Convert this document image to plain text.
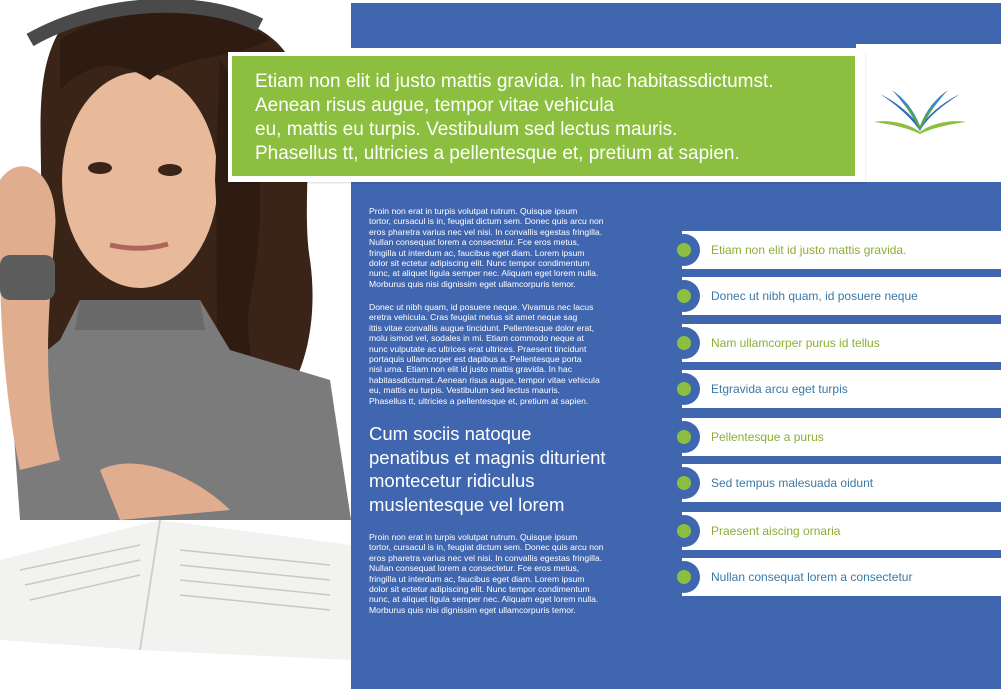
Etiam non elit id justo mattis gravida. In hac habitassdictumst.
Aenean risus augue, tempor vitae vehicula
eu, mattis eu turpis. Vestibulum sed lectus mauris.
Phasellus tt, ultricies a pellentesque et, pretium at sapien.
Proin non erat in turpis volutpat rutrum. Quisque ipsum
tortor, cursacul is in, feugiat dictum sem. Donec quis arcu non
eros pharetra varius nec vel nisi. In convallis egestas fringilla.
Nullan consequat lorem a consectetur. Fce eros metus,
fringilla ut interdum ac, faucibus eget diam. Lorem ipsum
dolor sit ectetur adipiscing elit. Nunc tempor condimentum
nunc, at aliquet ligula semper nec. Aliquam eget lorem nulla.
Morburus quis nisi dignissim eget ullamcorpuris temor.
Donec ut nibh quam, id posuere neque. Vivamus nec lacus
eretra vehicula. Cras feugiat metus sit amet neque sag
ittis vitae convallis augue tincidunt. Pellentesque dolor erat,
molu ismod vel, sodales in mi. Etiam commodo neque at
nunc vulputate ac ultrices erat ultrices. Praesent tincidunt
portaquis ullamcorper est dapibus a. Pellentesque porta
nisl urna. Etiam non elit id justo mattis gravida. In hac
habitassdictumst. Aenean risus augue, tempor vitae vehicula
eu, mattis eu turpis. Vestibulum sed lectus mauris.
Phasellus tt, ultricies a pellentesque et, pretium at sapien.
Cum sociis natoque
penatibus et magnis diturient
montecetur ridiculus
muslentesque vel lorem
Proin non erat in turpis volutpat rutrum. Quisque ipsum
tortor, cursacul is in, feugiat dictum sem. Donec quis arcu non
eros pharetra varius nec vel nisi. In convallis egestas fringilla.
Nullan consequat lorem a consectetur. Fce eros metus,
fringilla ut interdum ac, faucibus eget diam. Lorem ipsum
dolor sit ectetur adipiscing elit. Nunc tempor condimentum
nunc, at aliquet ligula semper nec. Aliquam eget lorem nulla.
Morburus quis nisi dignissim eget ullamcorpuris temor.
Etiam non elit id justo mattis gravida.
Donec ut nibh quam, id posuere neque
Nam ullamcorper purus id tellus
Etgravida arcu eget turpis
Pellentesque a purus
Sed tempus malesuada oidunt
Praesent aiscing ornaria
Nullan consequat lorem a consectetur
